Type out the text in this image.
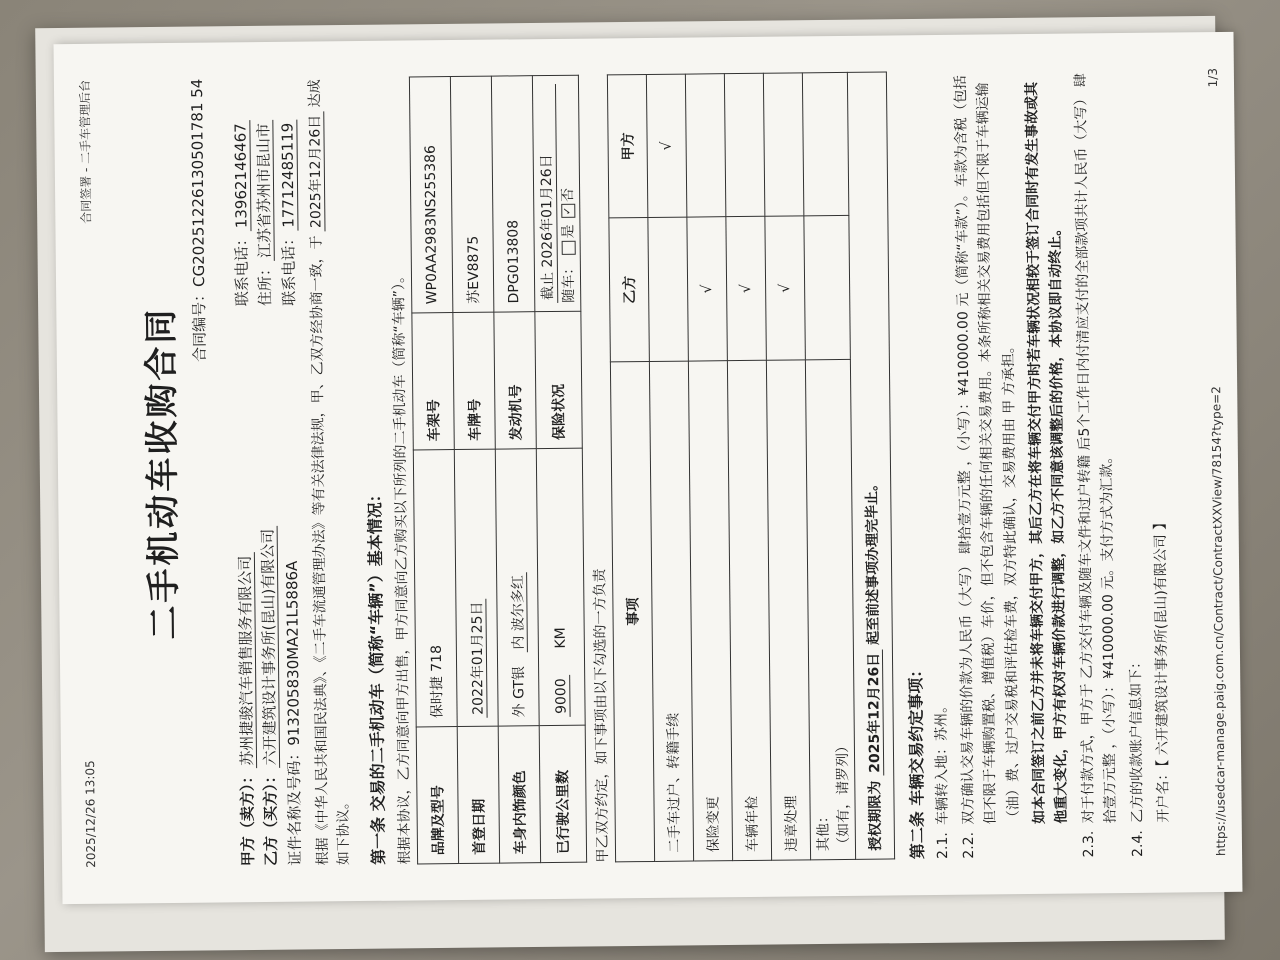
2025/12/26 13:05
合同签署 - 二手车管理后台
二手机动车收购合同 合同编号：CG20251226130501781 54
甲方（卖方）：苏州捷骏汽车销售服务有限公司
联系电话：13962146467
乙方（买方）：六开建筑设计事务所(昆山)有限公司
住所：江苏省苏州市昆山市
证件名称及号码：913205830MA21L5886A
联系电话：17712485119
根据《中华人民共和国民法典》、《二手车流通管理办法》等有关法律法规，甲、乙双方经协商一致，于 2025年12月26日 达成如下协议。 第一条 交易的二手机动车（简称“车辆”）基本情况： 根据本协议，乙方同意向甲方出售，甲方同意向乙方购买以下所列的二手机动车（简称“车辆”）。 品牌及型号	保时捷 718	车架号	WP0AA2983NS255386
首登日期	2022年01月25日	车牌号	苏EV8875
车身内饰颜色	外 GT银   内 波尔多红	发动机号	DPG013808
已行驶公里数	9000      KM	保险状况	截止 2026年01月26日 随车： 是 ✓否
甲乙双方约定，如下事项由以下勾选的一方负责 事项	乙方	甲方
二手车过户、转籍手续		√
保险变更	√	
车辆年检	√	
违章处理	√	

其他： （如有，请罗列）		

授权期限为 2025年12月26日 起至前述事项办理完毕止。		
第二条 车辆交易约定事项： 2.1.
车辆转入地：苏州。
2.2.
双方确认交易车辆的价款为人民币（大写） 肆拾壹万元整 ，（小写）：¥410000.00 元（简称“车款”）。车款为含税（包括但不限于车辆购置税、增值税）车价，但不包含车辆的任何相关交易费用。本条所称相关交易费用包括但不限于车辆运输（油）费、过户交易税和评估检车费，双方特此确认，交易费用由 甲 方承担。 如本合同签订之前乙方并未将车辆交付甲方，其后乙方在将车辆交付甲方时若车辆状况相较于签订合同时有发生事故或其他重大变化，甲方有权对车辆价款进行调整，如乙方不同意该调整后的价格，本协议即自动终止。
2.3.
对于付款方式，甲方于 乙方交付车辆及随车文件和过户转籍 后5个工作日内付清应支付的全部款项共计人民币（大写） 肆拾壹万元整 ，（小写）：¥410000.00 元。支付方式为汇款。
2.4.
乙方的收款账户信息如下： 开户名：【 六开建筑设计事务所(昆山)有限公司 】	https://usedcar-manage.paig.com.cn/Contract/ContractXXView/78154?type=2
1/3
